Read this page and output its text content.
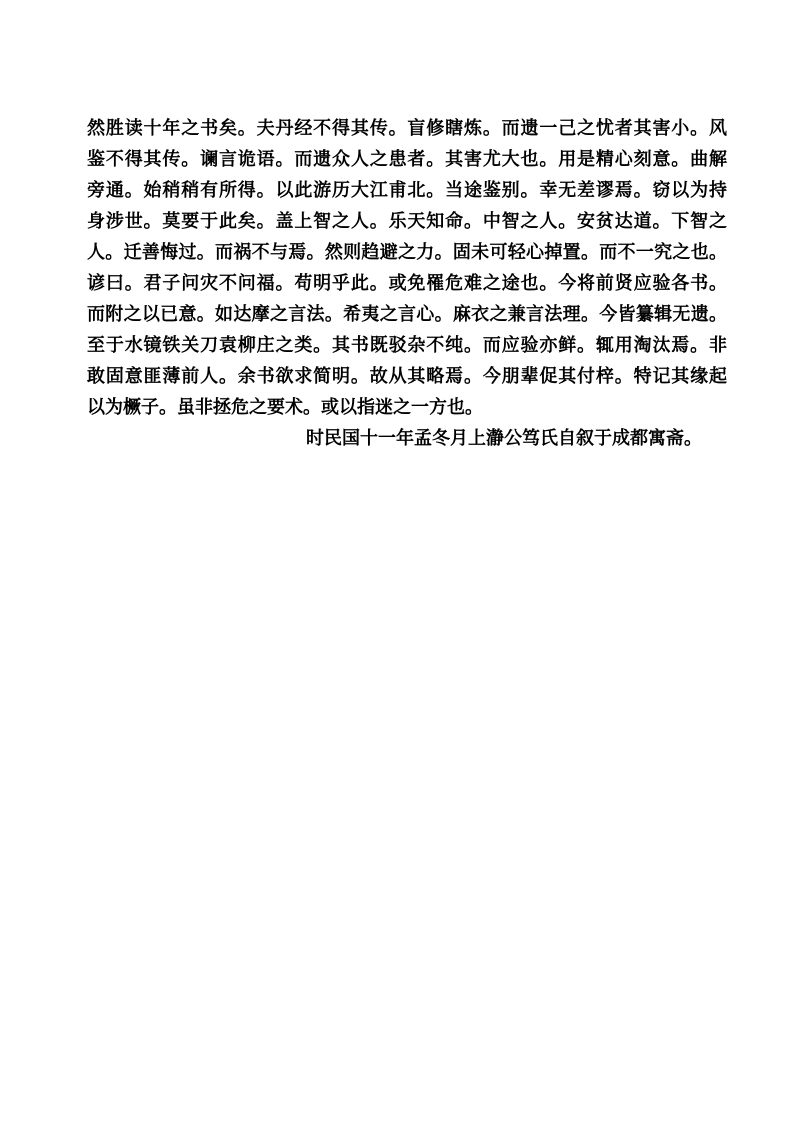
然胜读十年之书矣。夫丹经不得其传。盲修瞎炼。而遗一己之忧者其害小。风
鉴不得其传。谰言诡语。而遗众人之患者。其害尤大也。用是精心刻意。曲解
旁通。始稍稍有所得。以此游历大江甫北。当途鉴别。幸无差谬焉。窃以为持
身涉世。莫要于此矣。盖上智之人。乐天知命。中智之人。安贫达道。下智之
人。迁善悔过。而祸不与焉。然则趋避之力。固未可轻心掉置。而不一究之也。
谚曰。君子问灾不问福。苟明乎此。或免罹危难之途也。今将前贤应验各书。
而附之以已意。如达摩之言法。希夷之言心。麻衣之兼言法理。今皆纂辑无遗。
至于水镜铁关刀袁柳庄之类。其书既驳杂不纯。而应验亦鲜。辄用淘汰焉。非
敢固意匪薄前人。余书欲求简明。故从其略焉。今朋辈促其付梓。特记其缘起
以为橛子。虽非拯危之要术。或以指迷之一方也。
时民国十一年孟冬月上瀞公笃氏自叙于成都寓斋。
